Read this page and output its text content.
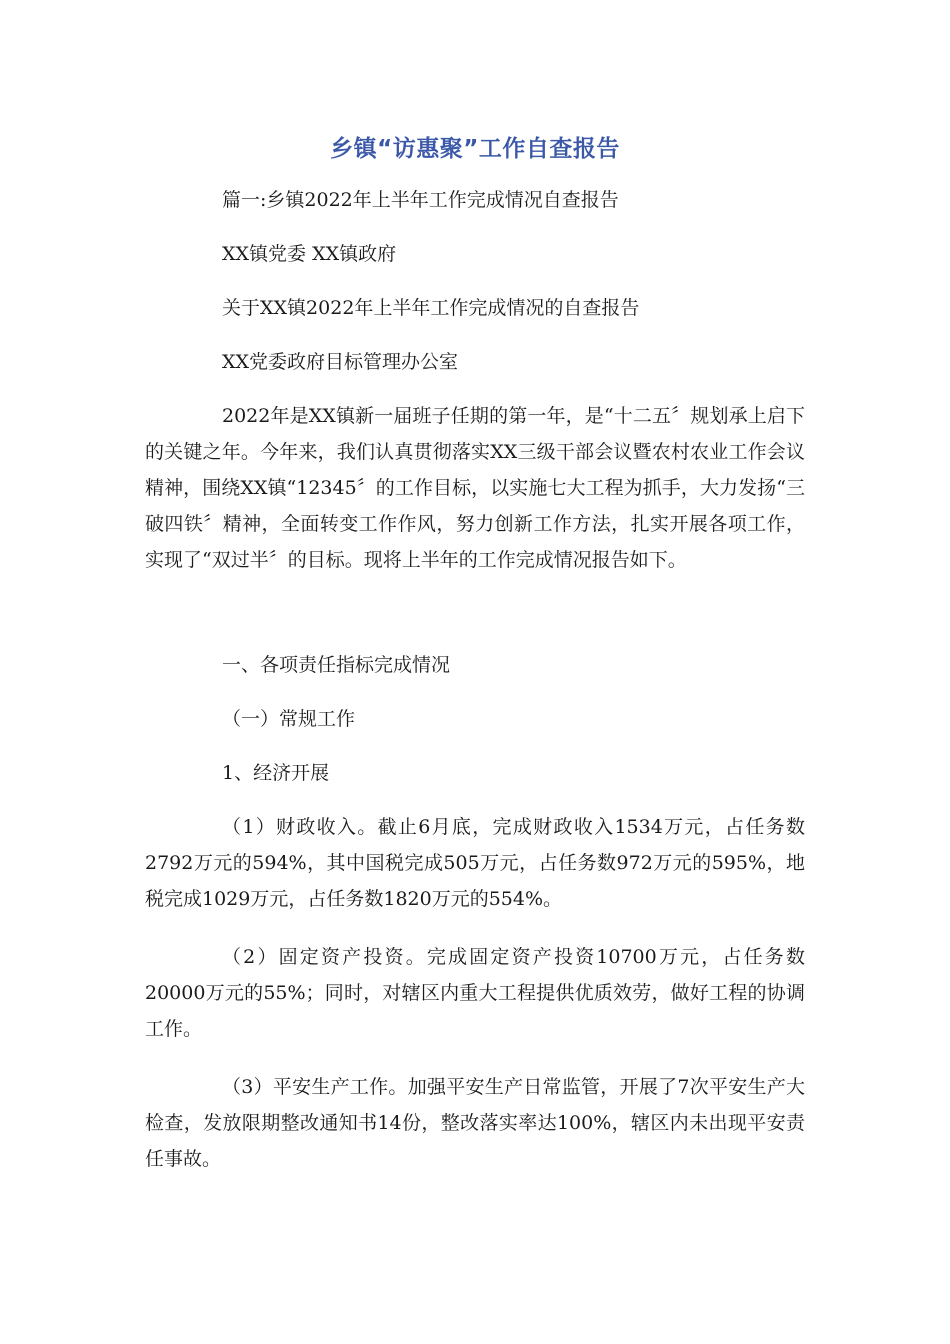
乡镇“访惠聚”工作自查报告
篇一:乡镇2022年上半年工作完成情况自查报告
XX镇党委 XX镇政府
关于XX镇2022年上半年工作完成情况的自查报告
XX党委政府目标管理办公室
2022年是XX镇新一届班子任期的第一年，是“十二五〞规划承上启下的关键之年。今年来，我们认真贯彻落实XX三级干部会议暨农村农业工作会议精神，围绕XX镇“12345〞的工作目标，以实施七大工程为抓手，大力发扬“三破四铁〞精神，全面转变工作作风，努力创新工作方法，扎实开展各项工作，实现了“双过半〞的目标。现将上半年的工作完成情况报告如下。
一、各项责任指标完成情况
（一）常规工作
1、经济开展
（1）财政收入。截止6月底，完成财政收入1534万元，占任务数2792万元的594%，其中国税完成505万元，占任务数972万元的595%，地税完成1029万元，占任务数1820万元的554%。
（2）固定资产投资。完成固定资产投资10700万元，占任务数20000万元的55%；同时，对辖区内重大工程提供优质效劳，做好工程的协调工作。
（3）平安生产工作。加强平安生产日常监管，开展了7次平安生产大检查，发放限期整改通知书14份，整改落实率达100%，辖区内未出现平安责任事故。
